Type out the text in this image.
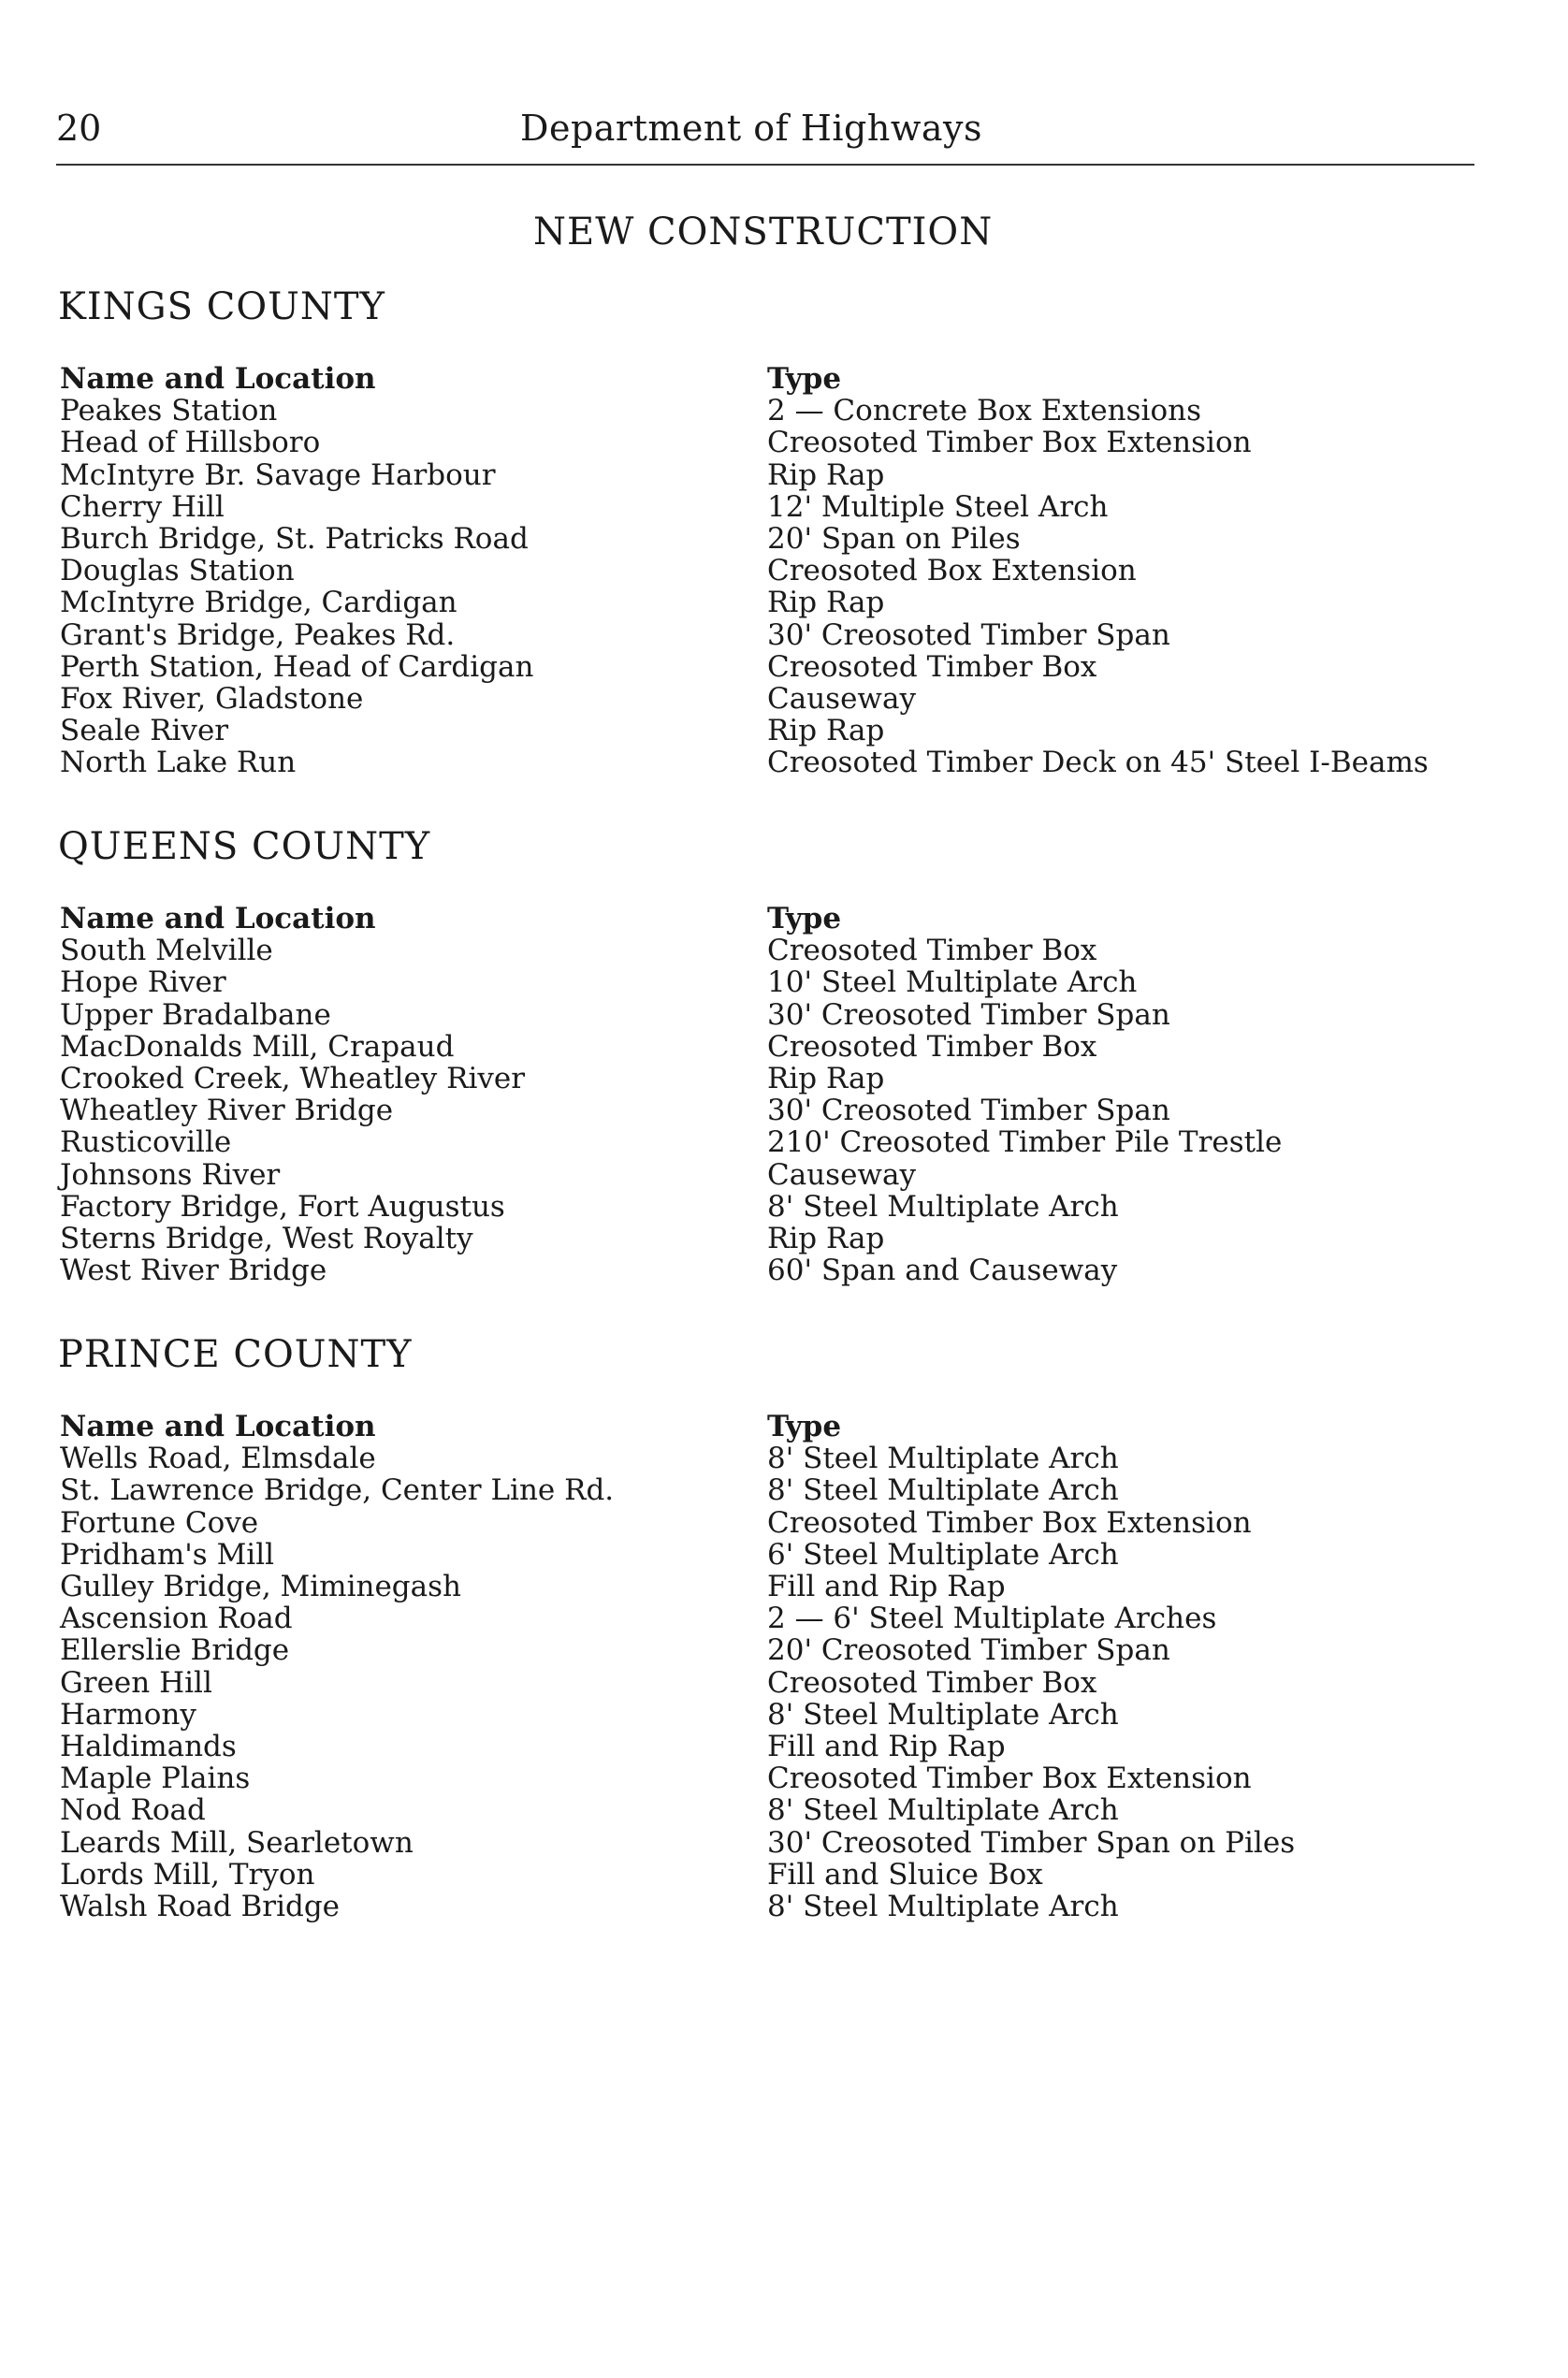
20	Department of Highways
NEW CONSTRUCTION
KINGS COUNTY
Name and Location
Peakes Station
Head of Hillsboro
McIntyre Br. Savage Harbour
Cherry Hill
Burch Bridge, St. Patricks Road
Douglas Station
McIntyre Bridge, Cardigan
Grant's Bridge, Peakes Rd.
Perth Station, Head of Cardigan
Fox River, Gladstone
Seale River
North Lake Run
Type
2 — Concrete Box Extensions
Creosoted Timber Box Extension
Rip Rap
12' Multiple Steel Arch
20' Span on Piles
Creosoted Box Extension
Rip Rap
30' Creosoted Timber Span
Creosoted Timber Box
Causeway
Rip Rap
Creosoted Timber Deck on 45' Steel I-Beams
QUEENS COUNTY
Name and Location
South Melville
Hope River
Upper Bradalbane
MacDonalds Mill, Crapaud
Crooked Creek, Wheatley River
Wheatley River Bridge
Rusticoville
Johnsons River
Factory Bridge, Fort Augustus
Sterns Bridge, West Royalty
West River Bridge
Type
Creosoted Timber Box
10' Steel Multiplate Arch
30' Creosoted Timber Span
Creosoted Timber Box
Rip Rap
30' Creosoted Timber Span
210' Creosoted Timber Pile Trestle
Causeway
8' Steel Multiplate Arch
Rip Rap
60' Span and Causeway
PRINCE COUNTY
Name and Location
Wells Road, Elmsdale
St. Lawrence Bridge, Center Line Rd.
Fortune Cove
Pridham's Mill
Gulley Bridge, Miminegash
Ascension Road
Ellerslie Bridge
Green Hill
Harmony
Haldimands
Maple Plains
Nod Road
Leards Mill, Searletown
Lords Mill, Tryon
Walsh Road Bridge
Type
8' Steel Multiplate Arch
8' Steel Multiplate Arch
Creosoted Timber Box Extension
6' Steel Multiplate Arch
Fill and Rip Rap
2 — 6' Steel Multiplate Arches
20' Creosoted Timber Span
Creosoted Timber Box
8' Steel Multiplate Arch
Fill and Rip Rap
Creosoted Timber Box Extension
8' Steel Multiplate Arch
30' Creosoted Timber Span on Piles
Fill and Sluice Box
8' Steel Multiplate Arch
